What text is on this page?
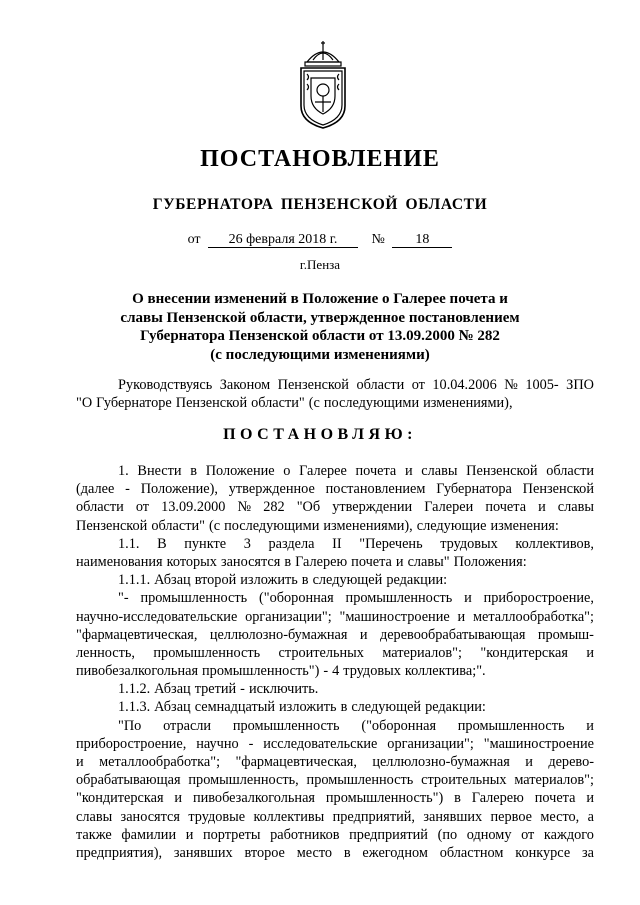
ПОСТАНОВЛЕНИЕ
ГУБЕРНАТОРА ПЕНЗЕНСКОЙ ОБЛАСТИ
от 26 февраля 2018 г. № 18
г.Пенза
О внесении изменений в Положение о Галерее почета и
славы Пензенской области, утвержденное постановлением
Губернатора Пензенской области от 13.09.2000 № 282
(с последующими изменениями)
Руководствуясь Законом Пензенской области от 10.04.2006 № 1005- ЗПО
"О Губернаторе Пензенской области" (с последующими изменениями),
ПОСТАНОВЛЯЮ:
1. Внести в Положение о Галерее почета и славы Пензенской области
(далее - Положение), утвержденное постановлением Губернатора Пензенской
области от 13.09.2000 № 282 "Об утверждении Галереи почета и славы
Пензенской области" (с последующими изменениями), следующие изменения:
1.1. В пункте 3 раздела II "Перечень трудовых коллективов,
наименования которых заносятся в Галерею почета и славы" Положения:
1.1.1. Абзац второй изложить в следующей редакции:
"- промышленность ("оборонная промышленность и приборостроение,
научно-исследовательские организации"; "машиностроение и металлообработка";
"фармацевтическая, целлюлозно-бумажная и деревообрабатывающая промыш-
ленность, промышленность строительных материалов"; "кондитерская и
пивобезалкогольная промышленность") - 4 трудовых коллектива;".
1.1.2. Абзац третий - исключить.
1.1.3. Абзац семнадцатый изложить в следующей редакции:
"По отрасли промышленность ("оборонная промышленность и
приборостроение, научно - исследовательские организации"; "машиностроение
и металлообработка"; "фармацевтическая, целлюлозно-бумажная и дерево-
обрабатывающая промышленность, промышленность строительных материалов";
"кондитерская и пивобезалкогольная промышленность") в Галерею почета и
славы заносятся трудовые коллективы предприятий, занявших первое место, а
также фамилии и портреты работников предприятий (по одному от каждого
предприятия), занявших второе место в ежегодном областном конкурсе за
